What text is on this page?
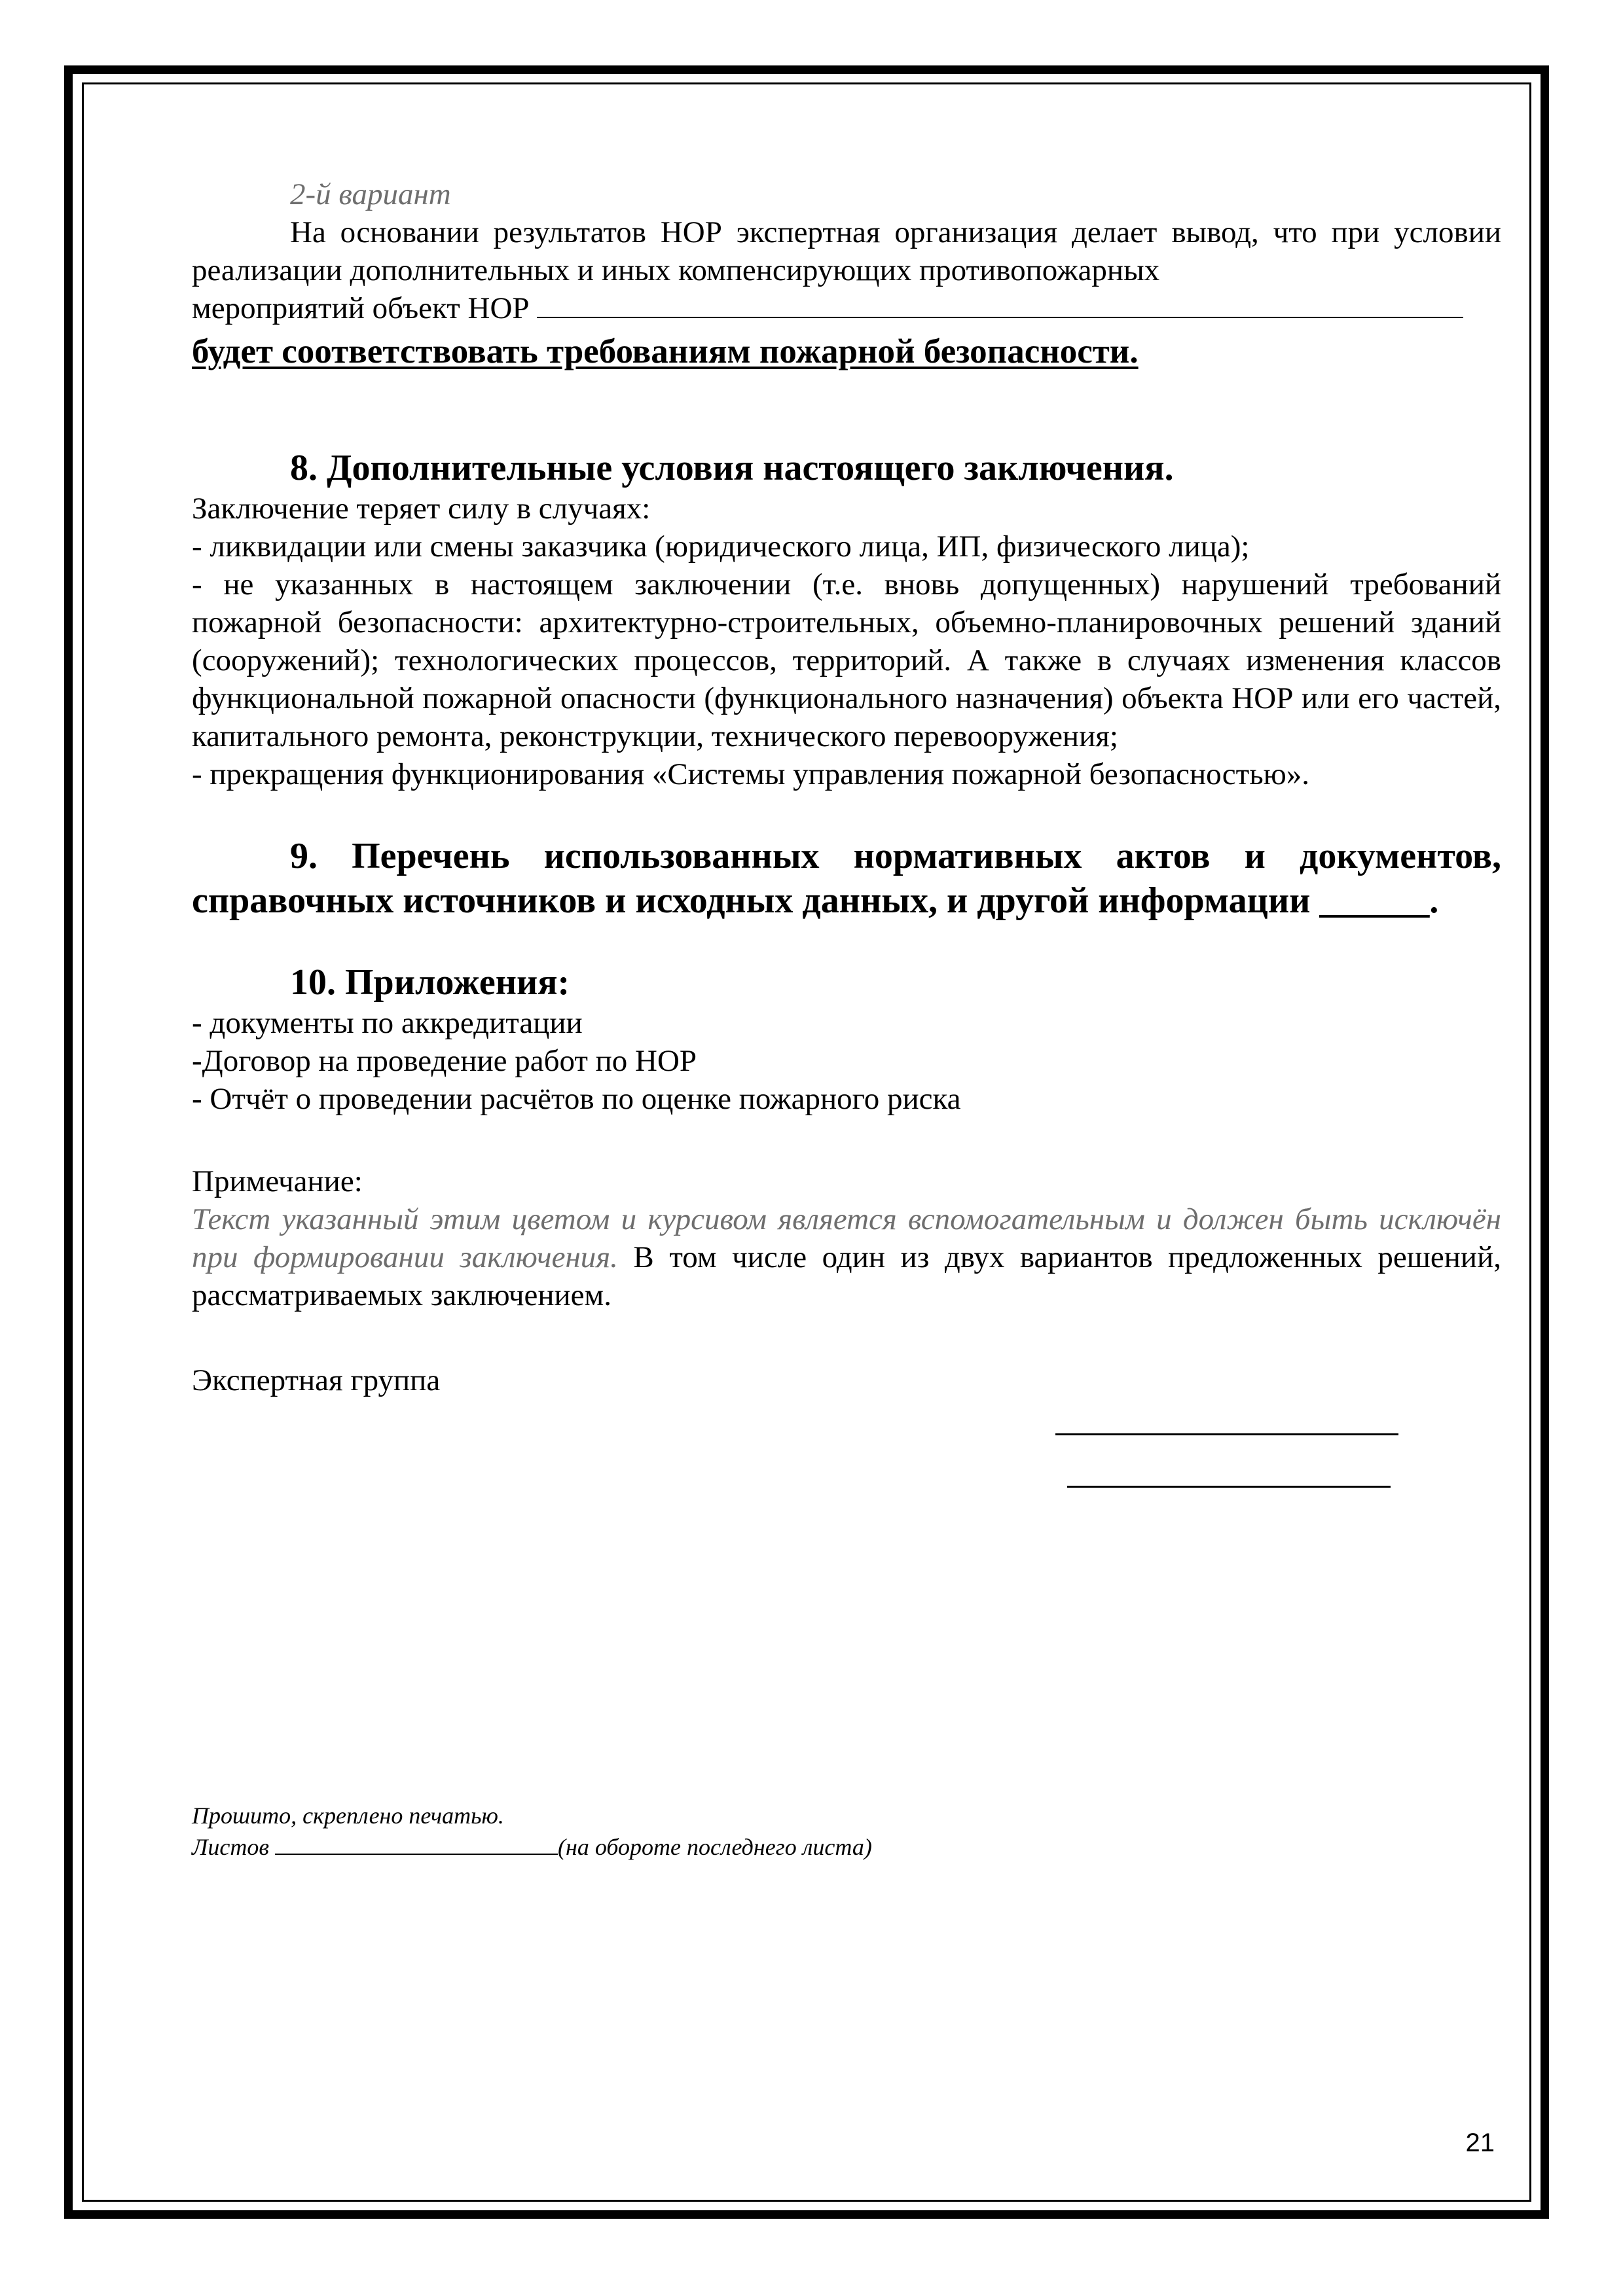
2-й вариант

На основании результатов НОР экспертная организация делает вывод, что при условии реализации дополнительных и иных компенсирующих противопожарных

мероприятий объект НОР

будет соответствовать требованиям пожарной безопасности.

8. Дополнительные условия настоящего заключения.

Заключение теряет силу в случаях:

- ликвидации или смены заказчика (юридического лица, ИП, физического лица);

- не указанных в настоящем заключении (т.е. вновь допущенных) нарушений требований пожарной безопасности: архитектурно-строительных, объемно-планировочных решений зданий (сооружений); технологических процессов, территорий. А также в случаях изменения классов функциональной пожарной опасности (функционального назначения) объекта НОР или его частей, капитального ремонта, реконструкции, технического перевооружения;

- прекращения функционирования «Системы управления пожарной безопасностью».

9. Перечень использованных нормативных актов и документов, справочных источников и исходных данных, и другой информации ______.

10. Приложения:

- документы по аккредитации

-Договор на проведение работ по НОР

- Отчёт о проведении расчётов по оценке пожарного риска

Примечание:

Текст указанный этим цветом и курсивом является вспомогательным и должен быть исключён при формировании заключения. В том числе один из двух вариантов предложенных решений, рассматриваемых заключением.

Экспертная группа
Прошито, скреплено печатью.
Листов	(на обороте последнего листа)
21
